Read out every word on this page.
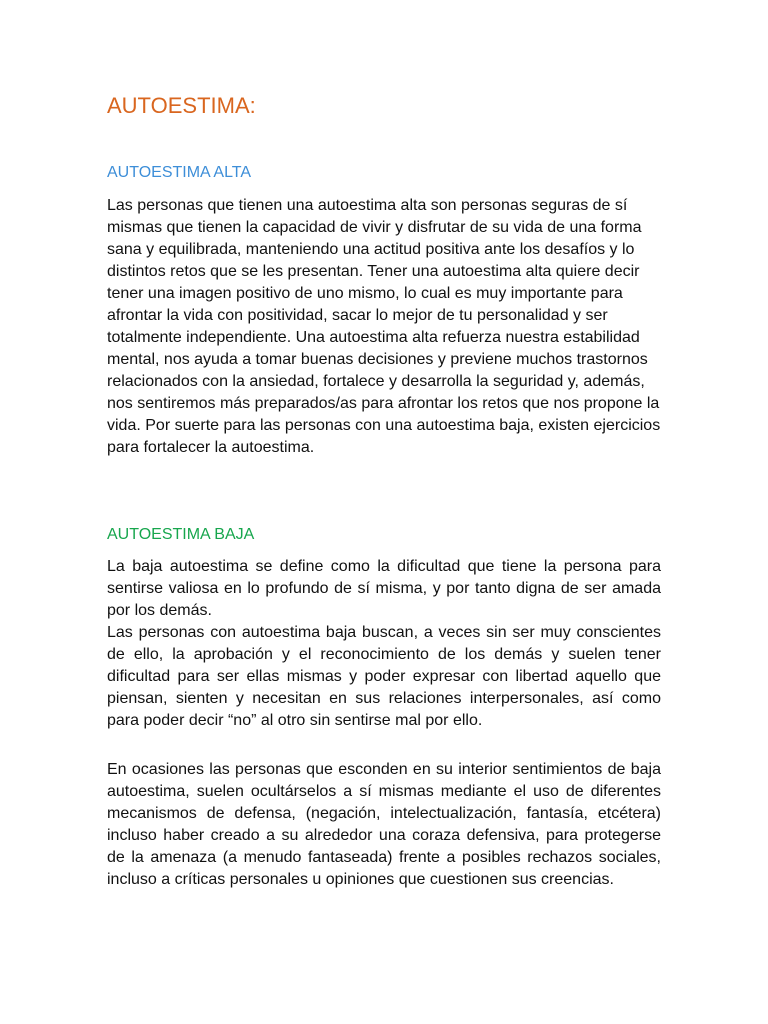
AUTOESTIMA:
AUTOESTIMA ALTA

Las personas que tienen una autoestima alta son personas seguras de sí mismas que tienen la capacidad de vivir y disfrutar de su vida de una forma sana y equilibrada, manteniendo una actitud positiva ante los desafíos y lo distintos retos que se les presentan. Tener una autoestima alta quiere decir tener una imagen positivo de uno mismo, lo cual es muy importante para afrontar la vida con positividad, sacar lo mejor de tu personalidad y ser totalmente independiente. Una autoestima alta refuerza nuestra estabilidad mental, nos ayuda a tomar buenas decisiones y previene muchos trastornos relacionados con la ansiedad, fortalece y desarrolla la seguridad y, además, nos sentiremos más preparados/as para afrontar los retos que nos propone la vida. Por suerte para las personas con una autoestima baja, existen ejercicios para fortalecer la autoestima.

AUTOESTIMA BAJA
La baja autoestima se define como la dificultad que tiene la persona para sentirse valiosa en lo profundo de sí misma, y por tanto digna de ser amada por los demás.
Las personas con autoestima baja buscan, a veces sin ser muy conscientes de ello, la aprobación y el reconocimiento de los demás y suelen tener dificultad para ser ellas mismas y poder expresar con libertad aquello que piensan, sienten y necesitan en sus relaciones interpersonales, así como para poder decir “no” al otro sin sentirse mal por ello.

En ocasiones las personas que esconden en su interior sentimientos de baja autoestima, suelen ocultárselos a sí mismas mediante el uso de diferentes mecanismos de defensa, (negación, intelectualización, fantasía, etcétera) incluso haber creado a su alrededor una coraza defensiva, para protegerse de la amenaza (a menudo fantaseada) frente a posibles rechazos sociales, incluso a críticas personales u opiniones que cuestionen sus creencias.
